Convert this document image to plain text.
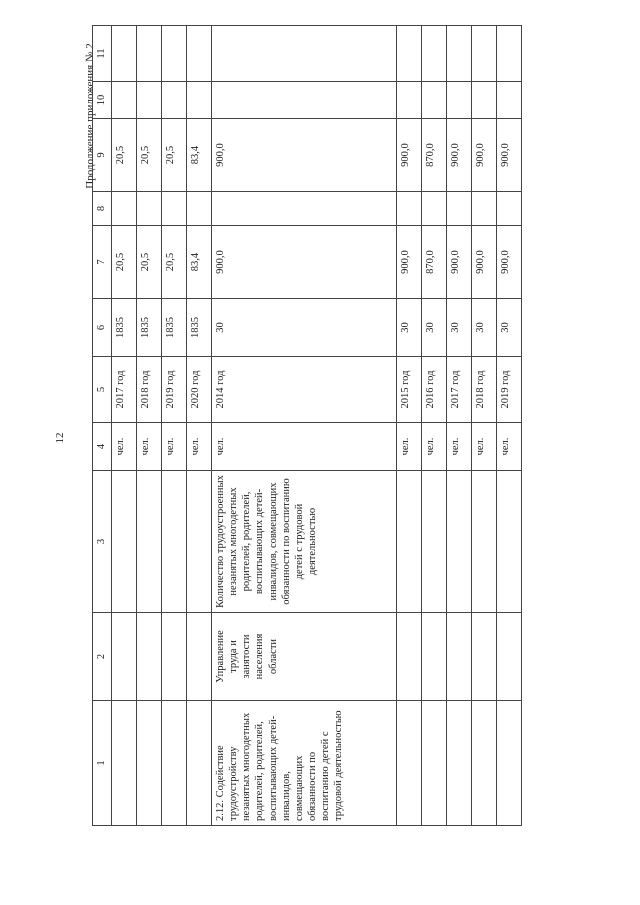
12
Продолжение приложения № 2
1	2	3	4	5	6	7	8	9	10	11
			чел.	2017 год	1835	20,5		20,5		
			чел.	2018 год	1835	20,5		20,5		
			чел.	2019 год	1835	20,5		20,5		
			чел.	2020 год	1835	83,4		83,4		
2.12. Содействие трудоустройству незанятых многодетных родителей, родителей, воспитывающих детей-инвалидов, совмещающих обязанности по воспитанию детей с трудовой деятельностью	Управление труда и занятости населения области	Количество трудоустроенных незанятых многодетных родителей, родителей, воспитывающих детей-инвалидов, совмещающих обязанности по воспитанию детей с трудовой деятельностью	чел.	2014 год	30	900,0		900,0		
			чел.	2015 год	30	900,0		900,0		
			чел.	2016 год	30	870,0		870,0		
			чел.	2017 год	30	900,0		900,0		
			чел.	2018 год	30	900,0		900,0		
			чел.	2019 год	30	900,0		900,0		
